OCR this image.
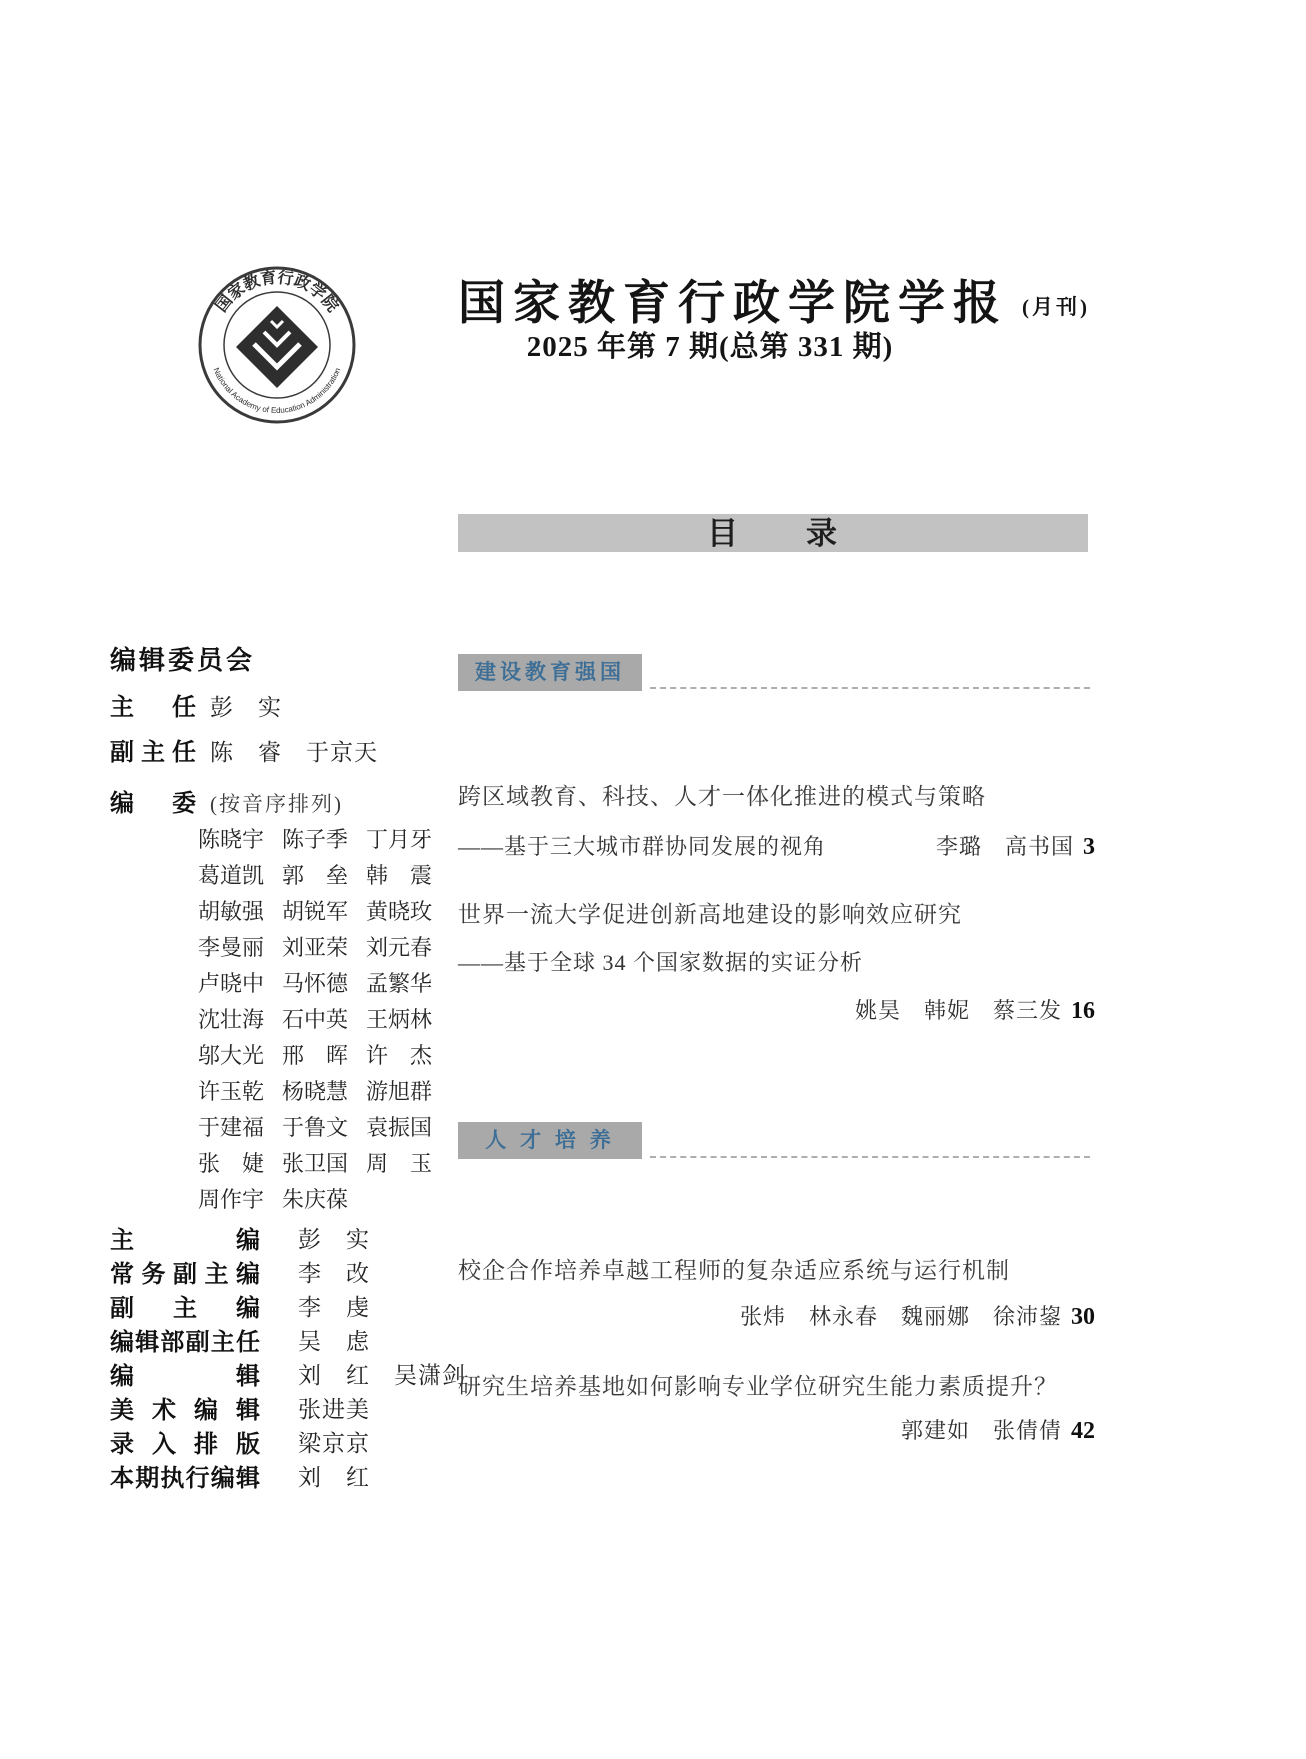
国家教育行政学院
National Academy of Education Administration
国家教育行政学院学报 (月刊)
2025 年第 7 期(总第 331 期)
目　　录
编辑委员会
主任 彭　实
副主任 陈　睿　于京天
编委 (按音序排列)
陈晓宇 陈子季 丁月牙
葛道凯 郭　垒 韩　震
胡敏强 胡锐军 黄晓玫
李曼丽 刘亚荣 刘元春
卢晓中 马怀德 孟繁华
沈壮海 石中英 王炳林
邬大光 邢　晖 许　杰
许玉乾 杨晓慧 游旭群
于建福 于鲁文 袁振国
张　婕 张卫国 周　玉
周作宇 朱庆葆
主编 彭　实
常务副主编 李　改
副主编 李　虔
编辑部副主任 吴　虑
编辑 刘　红　吴潇剑
美术编辑 张进美
录入排版 梁京京
本期执行编辑 刘　红
建设教育强国
跨区域教育、科技、人才一体化推进的模式与策略
——基于三大城市群协同发展的视角	李璐　高书国 3
世界一流大学促进创新高地建设的影响效应研究
——基于全球 34 个国家数据的实证分析
姚昊　韩妮　蔡三发 16
人 才 培 养
校企合作培养卓越工程师的复杂适应系统与运行机制
张炜　林永春　魏丽娜　徐沛鋆 30
研究生培养基地如何影响专业学位研究生能力素质提升？
郭建如　张倩倩 42
